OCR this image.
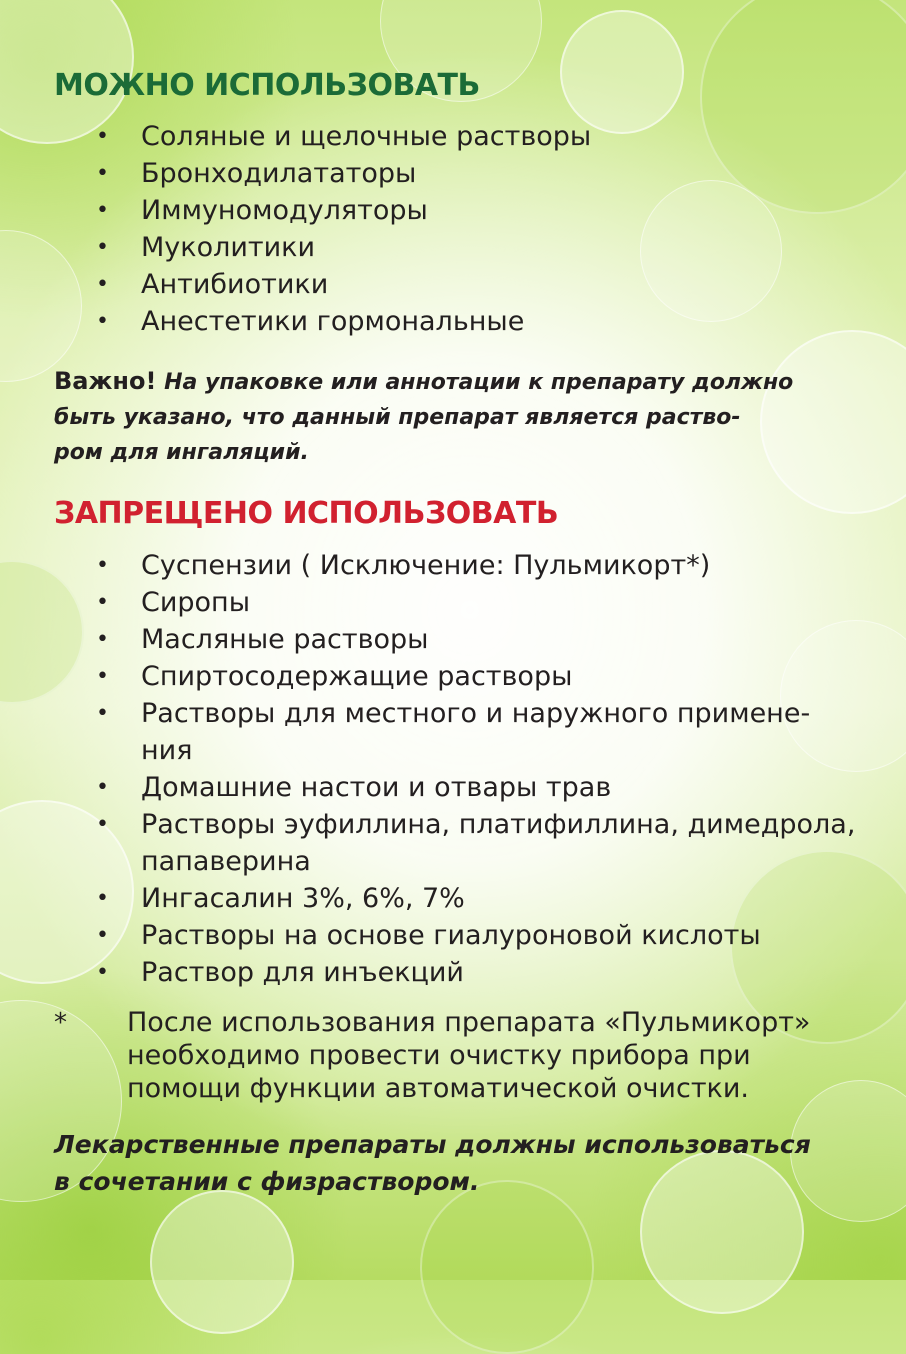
МОЖНО ИСПОЛЬЗОВАТЬ
• Соляные и щелочные растворы
• Бронходилататоры
• Иммуномодуляторы
• Муколитики
• Антибиотики
• Анестетики гормональные

Важно! На упаковке или аннотации к препарату должно
быть указано, что данный препарат является раство-
ром для ингаляций.

ЗАПРЕЩЕНО ИСПОЛЬЗОВАТЬ
• Суспензии ( Исключение: Пульмикорт*)
• Сиропы
• Масляные растворы
• Спиртосодержащие растворы
• Растворы для местного и наружного примене-
ния
• Домашние настои и отвары трав
• Растворы эуфиллина, платифиллина, димедрола,
папаверина
• Ингасалин 3%, 6%, 7%
• Растворы на основе гиалуроновой кислоты
• Раствор для инъекций
* После использования препарата «Пульмикорт»
необходимо провести очистку прибора при
помощи функции автоматической очистки.

Лекарственные препараты должны использоваться
в сочетании с физраствором.
